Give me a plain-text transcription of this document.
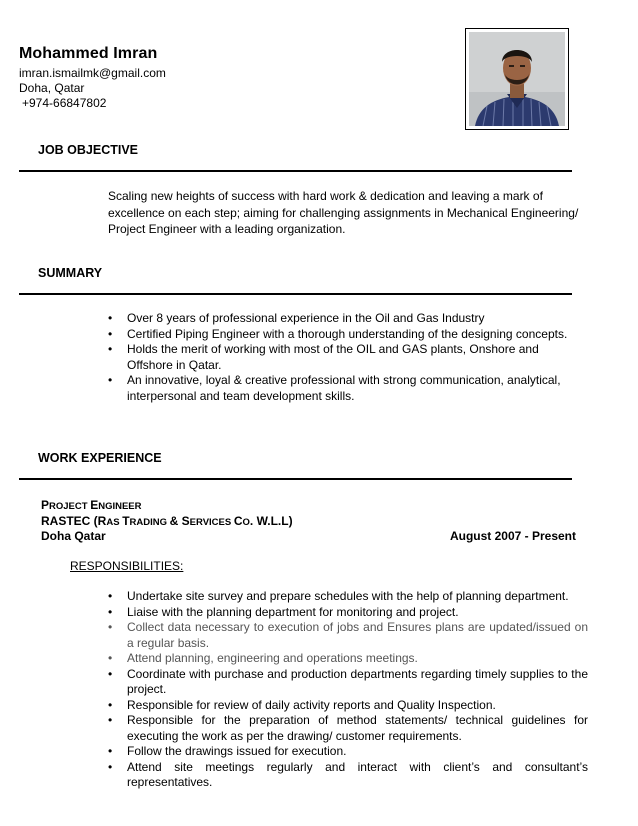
Mohammed Imran
imran.ismailmk@gmail.com
Doha, Qatar
+974-66847802
JOB OBJECTIVE
Scaling new heights of success with hard work & dedication and leaving a mark of excellence on each step; aiming for challenging assignments in Mechanical Engineering/ Project Engineer with a leading organization.
SUMMARY
• Over 8 years of professional experience in the Oil and Gas Industry
• Certified Piping Engineer with a thorough understanding of the designing concepts.
• Holds the merit of working with most of the OIL and GAS plants, Onshore and Offshore in Qatar.
• An innovative, loyal & creative professional with strong communication, analytical, interpersonal and team development skills.
WORK EXPERIENCE
PROJECT ENGINEER
RASTEC (RAS TRADING & SERVICES CO. W.L.L)
Doha Qatar	August 2007 - Present
RESPONSIBILITIES:
• Undertake site survey and prepare schedules with the help of planning department.
• Liaise with the planning department for monitoring and project.
• Collect data necessary to execution of jobs and Ensures plans are updated/issued on a regular basis.
• Attend planning, engineering and operations meetings.
• Coordinate with purchase and production departments regarding timely supplies to the project.
• Responsible for review of daily activity reports and Quality Inspection.
• Responsible for the preparation of method statements/ technical guidelines for executing the work as per the drawing/ customer requirements.
• Follow the drawings issued for execution.
• Attend site meetings regularly and interact with client’s and consultant’s representatives.
